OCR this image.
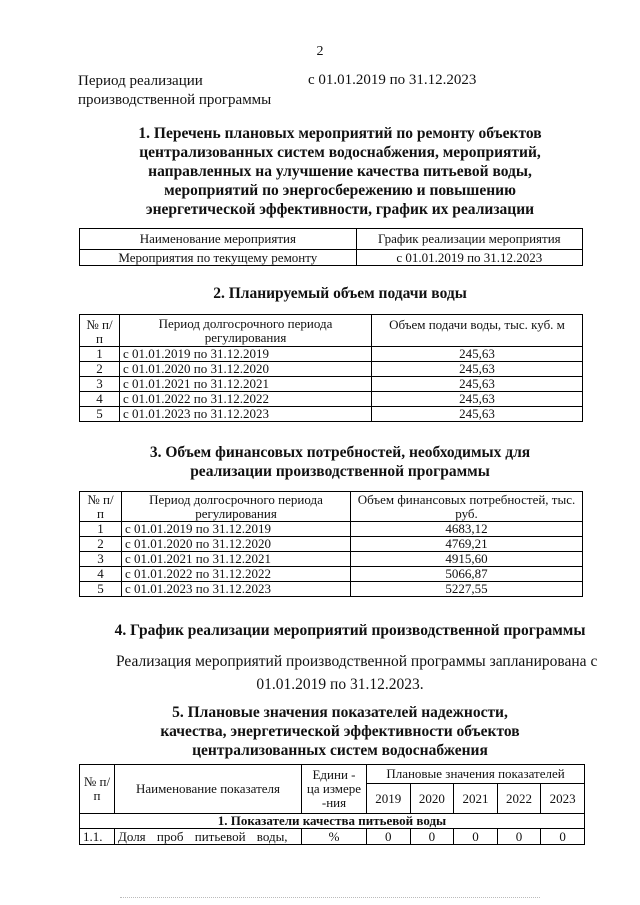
2
Период реализации
производственной программы
с 01.01.2019 по 31.12.2023
1. Перечень плановых мероприятий по ремонту объектов
централизованных систем водоснабжения, мероприятий,
направленных на улучшение качества питьевой воды,
мероприятий по энергосбережению и повышению
энергетической эффективности, график их реализации
Наименование мероприятия	График реализации мероприятия
Мероприятия по текущему ремонту	с 01.01.2019 по 31.12.2023
2. Планируемый объем подачи воды
№ п/п	Период долгосрочного периода регулирования	Объем подачи воды, тыс. куб. м
1	с 01.01.2019 по 31.12.2019	245,63
2	с 01.01.2020 по 31.12.2020	245,63
3	с 01.01.2021 по 31.12.2021	245,63
4	с 01.01.2022 по 31.12.2022	245,63
5	с 01.01.2023 по 31.12.2023	245,63
3. Объем финансовых потребностей, необходимых для
реализации производственной программы
№ п/п	Период долгосрочного периода регулирования	Объем финансовых потребностей, тыс. руб.
1	с 01.01.2019 по 31.12.2019	4683,12
2	с 01.01.2020 по 31.12.2020	4769,21
3	с 01.01.2021 по 31.12.2021	4915,60
4	с 01.01.2022 по 31.12.2022	5066,87
5	с 01.01.2023 по 31.12.2023	5227,55
4. График реализации мероприятий производственной программы
Реализация мероприятий производственной программы запланирована с
01.01.2019 по 31.12.2023.
5. Плановые значения показателей надежности,
качества, энергетической эффективности объектов
централизованных систем водоснабжения
№ п/п	Наименование показателя	Едини - ца измере -ния	Плановые значения показателей				
			2019	2020	2021	2022	2023
1. Показатели качества питьевой воды							
1.1.	Доля проб питьевой воды,	%	0	0	0	0	0
